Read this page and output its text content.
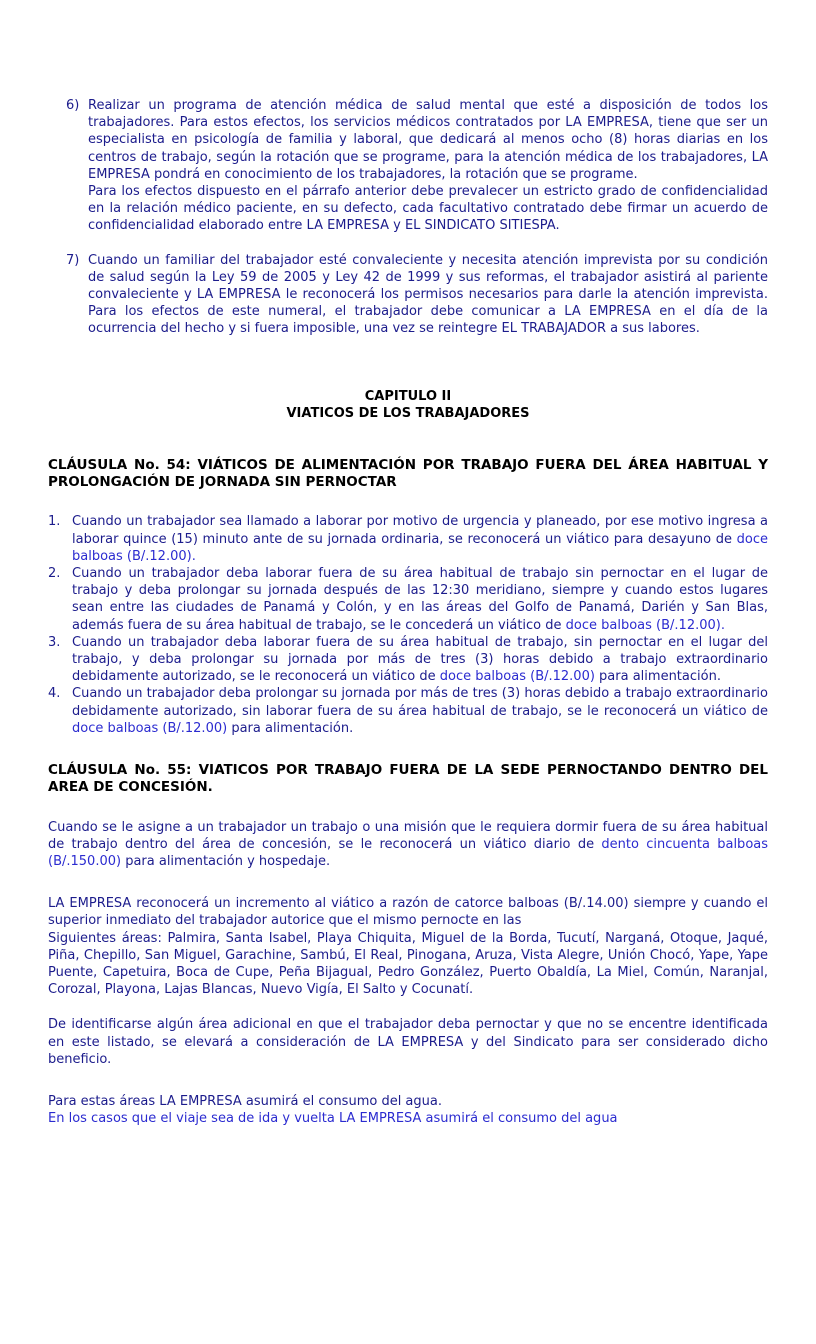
6) Realizar un programa de atención médica de salud mental que esté a disposición de todos los trabajadores. Para estos efectos, los servicios médicos contratados por LA EMPRESA, tiene que ser un especialista en psicología de familia y laboral, que dedicará al menos ocho (8) horas diarias en los centros de trabajo, según la rotación que se programe, para la atención médica de los trabajadores, LA EMPRESA pondrá en conocimiento de los trabajadores, la rotación que se programe.
Para los efectos dispuesto en el párrafo anterior debe prevalecer un estricto grado de confidencialidad en la relación médico paciente, en su defecto, cada facultativo contratado debe firmar un acuerdo de confidencialidad elaborado entre LA EMPRESA y EL SINDICATO SITIESPA.
7) Cuando un familiar del trabajador esté convaleciente y necesita atención imprevista por su condición de salud según la Ley 59 de 2005 y Ley 42 de 1999 y sus reformas, el trabajador asistirá al pariente convaleciente y LA EMPRESA le reconocerá los permisos necesarios para darle la atención imprevista. Para los efectos de este numeral, el trabajador debe comunicar a LA EMPRESA en el día de la ocurrencia del hecho y si fuera imposible, una vez se reintegre EL TRABAJADOR a sus labores.
CAPITULO II
VIATICOS DE LOS TRABAJADORES
CLÁUSULA No. 54: VIÁTICOS DE ALIMENTACIÓN POR TRABAJO FUERA DEL ÁREA HABITUAL Y PROLONGACIÓN DE JORNADA SIN PERNOCTAR
1. Cuando un trabajador sea llamado a laborar por motivo de urgencia y planeado, por ese motivo ingresa a laborar quince (15) minuto ante de su jornada ordinaria, se reconocerá un viático para desayuno de doce balboas (B/.12.00).
2. Cuando un trabajador deba laborar fuera de su área habitual de trabajo sin pernoctar en el lugar de trabajo y deba prolongar su jornada después de las 12:30 meridiano, siempre y cuando estos lugares sean entre las ciudades de Panamá y Colón, y en las áreas del Golfo de Panamá, Darién y San Blas, además fuera de su área habitual de trabajo, se le concederá un viático de doce balboas (B/.12.00).
3. Cuando un trabajador deba laborar fuera de su área habitual de trabajo, sin pernoctar en el lugar del trabajo, y deba prolongar su jornada por más de tres (3) horas debido a trabajo extraordinario debidamente autorizado, se le reconocerá un viático de doce balboas (B/.12.00) para alimentación.
4. Cuando un trabajador deba prolongar su jornada por más de tres (3) horas debido a trabajo extraordinario debidamente autorizado, sin laborar fuera de su área habitual de trabajo, se le reconocerá un viático de doce balboas (B/.12.00) para alimentación.
CLÁUSULA No. 55: VIATICOS POR TRABAJO FUERA DE LA SEDE PERNOCTANDO DENTRO DEL AREA DE CONCESIÓN.
Cuando se le asigne a un trabajador un trabajo o una misión que le requiera dormir fuera de su área habitual de trabajo dentro del área de concesión, se le reconocerá un viático diario de dento cincuenta balboas (B/.150.00) para alimentación y hospedaje.
LA EMPRESA reconocerá un incremento al viático a razón de catorce balboas (B/.14.00) siempre y cuando el superior inmediato del trabajador autorice que el mismo pernocte en las
Siguientes áreas: Palmira, Santa Isabel, Playa Chiquita, Miguel de la Borda, Tucutí, Narganá, Otoque, Jaqué, Piña, Chepillo, San Miguel, Garachine, Sambú, El Real, Pinogana, Aruza, Vista Alegre, Unión Chocó, Yape, Yape Puente, Capetuira, Boca de Cupe, Peña Bijagual, Pedro González, Puerto Obaldía, La Miel, Común, Naranjal, Corozal, Playona, Lajas Blancas, Nuevo Vigía, El Salto y Cocunatí.
De identificarse algún área adicional en que el trabajador deba pernoctar y que no se encentre identificada en este listado, se elevará a consideración de LA EMPRESA y del Sindicato para ser considerado dicho beneficio.
Para estas áreas LA EMPRESA asumirá el consumo del agua.
En los casos que el viaje sea de ida y vuelta LA EMPRESA asumirá el consumo del agua
